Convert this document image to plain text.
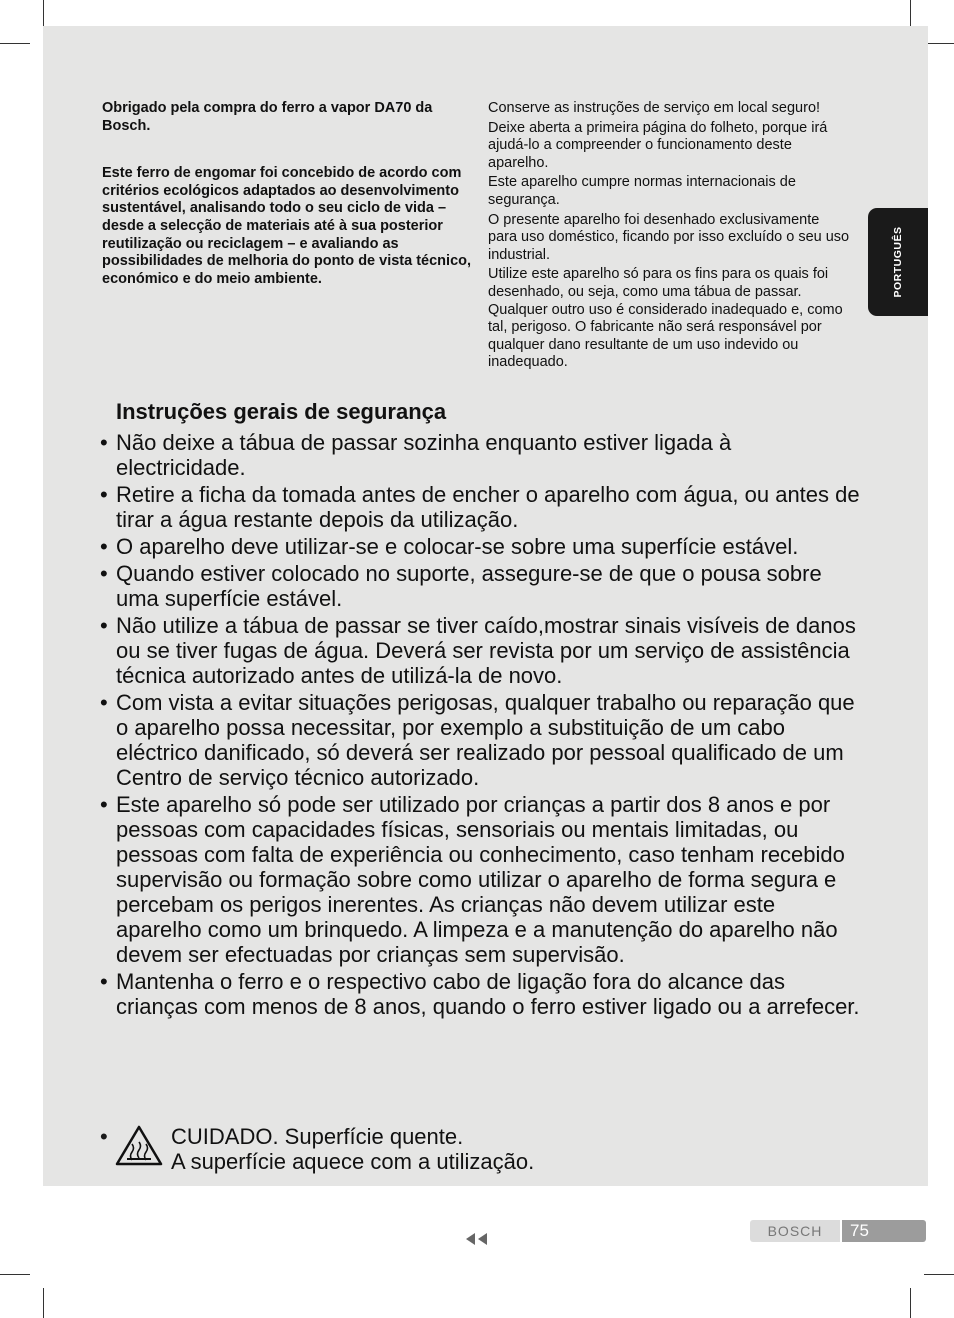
Obrigado pela compra do ferro a vapor DA70 da Bosch.

Este ferro de engomar foi concebido de acordo com critérios ecológicos adaptados ao desenvolvimento sustentável, analisando todo o seu ciclo de vida – desde a selecção de materiais até à sua posterior reutilização ou reciclagem – e avaliando as possibilidades de melhoria do ponto de vista técnico, económico e do meio ambiente.

Conserve as instruções de serviço em local seguro!

Deixe aberta a primeira página do folheto, porque irá ajudá-lo a compreender o funcionamento deste aparelho.

Este aparelho cumpre normas internacionais de segurança.

O presente aparelho foi desenhado exclusivamente para uso doméstico, ficando por isso excluído o seu uso industrial.

Utilize este aparelho só para os fins para os quais foi desenhado, ou seja, como uma tábua de passar. Qualquer outro uso é considerado inadequado e, como tal, perigoso. O fabricante não será responsável por qualquer dano resultante de um uso indevido ou inadequado.

PORTUGUÊS
Instruções gerais de segurança
• Não deixe a tábua de passar sozinha enquanto estiver ligada à electricidade.
• Retire a ficha da tomada antes de encher o aparelho com água, ou antes de tirar a água restante depois da utilização.
• O aparelho deve utilizar-se e colocar-se sobre uma superfície estável.
• Quando estiver colocado no suporte, assegure-se de que o pousa sobre uma superfície estável.
• Não utilize a tábua de passar se tiver caído,mostrar sinais visíveis de danos ou se tiver fugas de água. Deverá ser revista por um serviço de assistência técnica autorizado antes de utilizá-la de novo.
• Com vista a evitar situações perigosas, qualquer trabalho ou reparação que o aparelho possa necessitar, por exemplo a substituição de um cabo eléctrico danificado, só deverá ser realizado por pessoal qualificado de um Centro de serviço técnico autorizado.
• Este aparelho só pode ser utilizado por crianças a partir dos 8 anos e por pessoas com capacidades físicas, sensoriais ou mentais limitadas, ou pessoas com falta de experiência ou conhecimento, caso tenham recebido supervisão ou formação sobre como utilizar o aparelho de forma segura e percebam os perigos inerentes. As crianças não devem utilizar este aparelho como um brinquedo. A limpeza e a manutenção do aparelho não devem ser efectuadas por crianças sem supervisão.
• Mantenha o ferro e o respectivo cabo de ligação fora do alcance das crianças com menos de 8 anos, quando o ferro estiver ligado ou a arrefecer.
•	CUIDADO. Superfície quente.
A superfície aquece com a utilização.
BOSCH	75
